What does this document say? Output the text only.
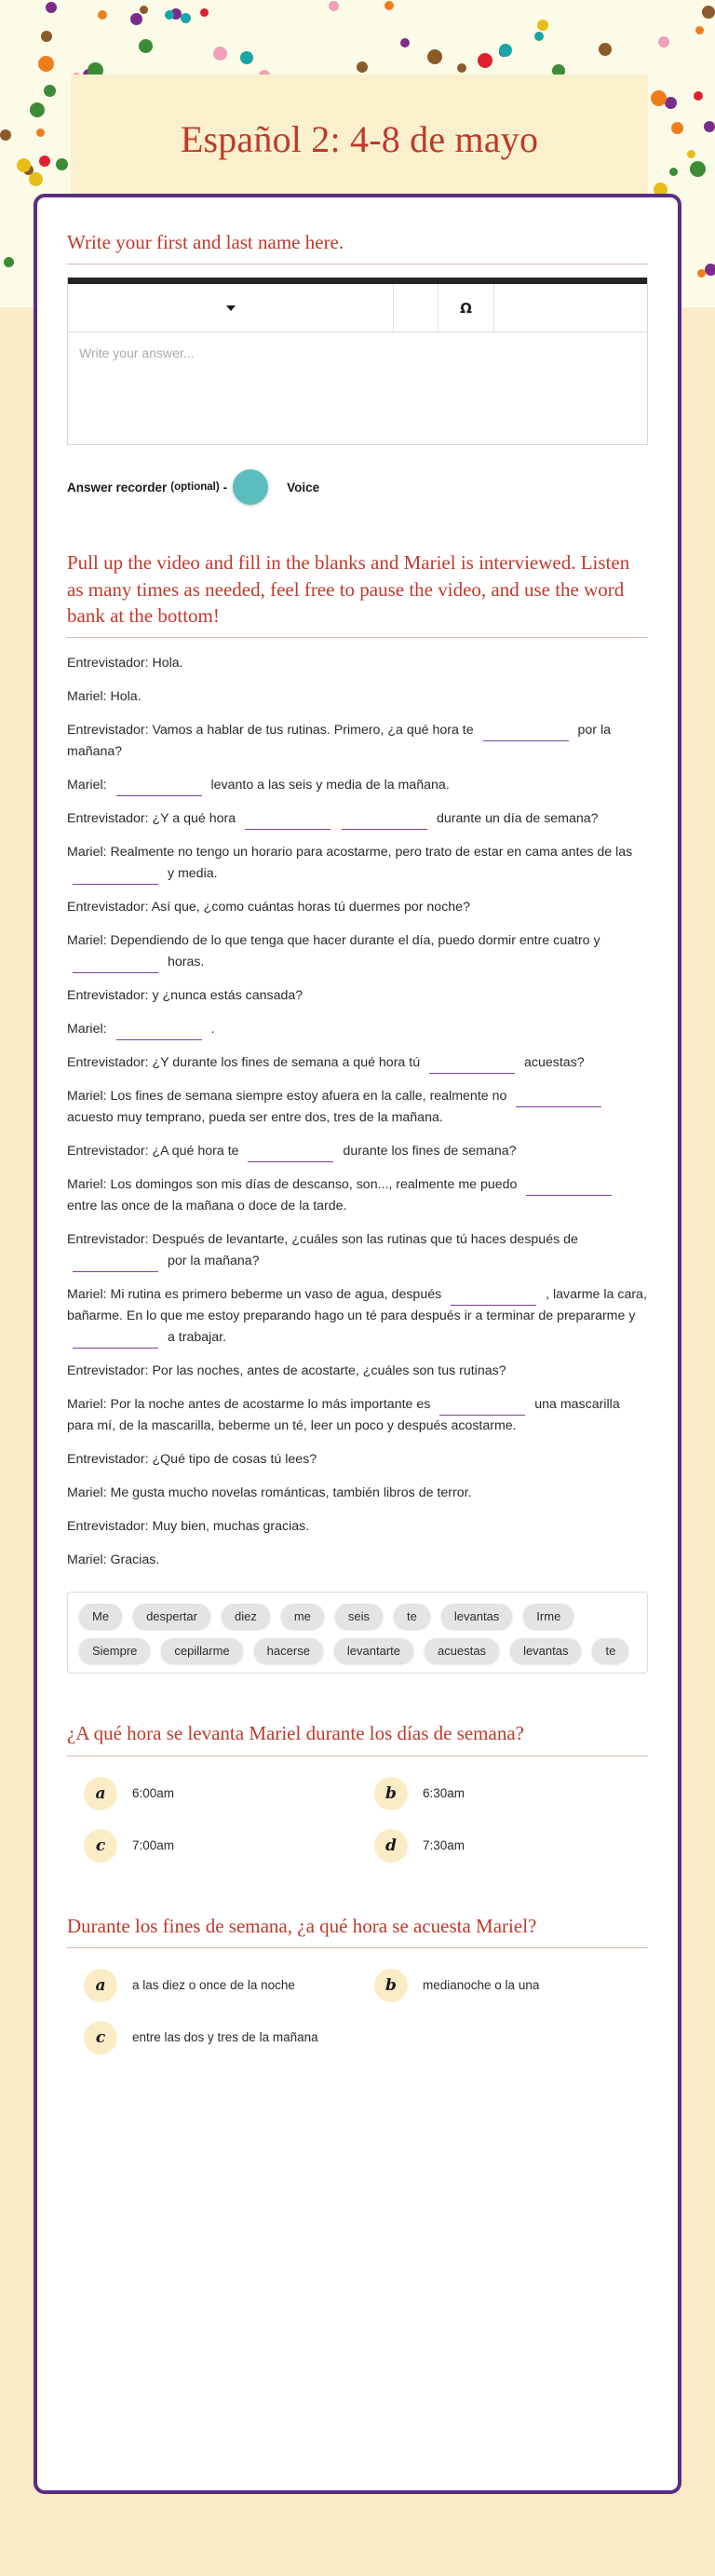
Español 2: 4-8 de mayo
Write your first and last name here.
Ω
Write your answer...
Answer recorder (optional) -	Voice
Pull up the video and fill in the blanks and Mariel is interviewed. Listen as many times as needed, feel free to pause the video, and use the word bank at the bottom!
Entrevistador: Hola.
Mariel: Hola.
Entrevistador: Vamos a hablar de tus rutinas. Primero, ¿a qué hora te	por la mañana?
Mariel:	levanto a las seis y media de la mañana.
Entrevistador: ¿Y a qué hora	durante un día de semana?
Mariel: Realmente no tengo un horario para acostarme, pero trato de estar en cama antes de las  y media.
Entrevistador: Así que, ¿como cuántas horas tú duermes por noche?
Mariel: Dependiendo de lo que tenga que hacer durante el día, puedo dormir entre cuatro y  horas.
Entrevistador: y ¿nunca estás cansada?
Mariel:	.
Entrevistador: ¿Y durante los fines de semana a qué hora tú	acuestas?
Mariel: Los fines de semana siempre estoy afuera en la calle, realmente no  acuesto muy temprano, pueda ser entre dos, tres de la mañana.
Entrevistador: ¿A qué hora te	durante los fines de semana?
Mariel: Los domingos son mis días de descanso, son..., realmente me puedo  entre las once de la mañana o doce de la tarde.
Entrevistador: Después de levantarte, ¿cuáles son las rutinas que tú haces después de  por la mañana?
Mariel: Mi rutina es primero beberme un vaso de agua, después	, lavarme la cara, bañarme. En lo que me estoy preparando hago un té para después ir a terminar de prepararme y  a trabajar.
Entrevistador: Por las noches, antes de acostarte, ¿cuáles son tus rutinas?
Mariel: Por la noche antes de acostarme lo más importante es	una mascarilla para mí, de la mascarilla, beberme un té, leer un poco y después acostarme.
Entrevistador: ¿Qué tipo de cosas tú lees?
Mariel: Me gusta mucho novelas románticas, también libros de terror.
Entrevistador: Muy bien, muchas gracias.
Mariel: Gracias.
Me	despertar	diez	me	seis	te	levantas	Irme
Siempre	cepillarme	hacerse	levantarte	acuestas	levantas	te
¿A qué hora se levanta Mariel durante los días de semana?
a	6:00am	b	6:30am
c	7:00am	d	7:30am
Durante los fines de semana, ¿a qué hora se acuesta Mariel?
a	a las diez o once de la noche	b	medianoche o la una
c	entre las dos y tres de la mañana
